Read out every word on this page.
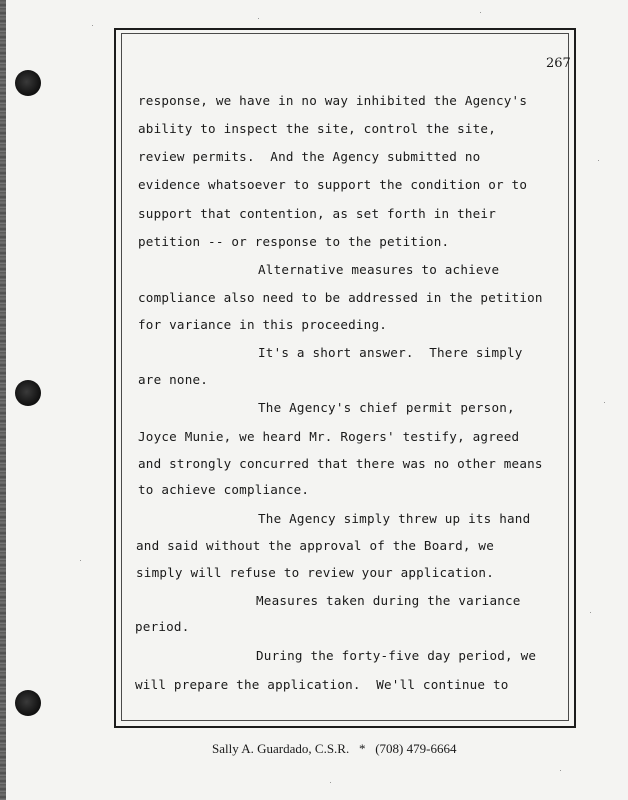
267
response, we have in no way inhibited the Agency's
ability to inspect the site, control the site,
review permits.  And the Agency submitted no
evidence whatsoever to support the condition or to
support that contention, as set forth in their
petition -- or response to the petition.
Alternative measures to achieve
compliance also need to be addressed in the petition
for variance in this proceeding.
It's a short answer.  There simply
are none.
The Agency's chief permit person,
Joyce Munie, we heard Mr. Rogers' testify, agreed
and strongly concurred that there was no other means
to achieve compliance.
The Agency simply threw up its hand
and said without the approval of the Board, we
simply will refuse to review your application.
Measures taken during the variance
period.
During the forty-five day period, we
will prepare the application.  We'll continue to
Sally A. Guardado, C.S.R.   *   (708) 479-6664
